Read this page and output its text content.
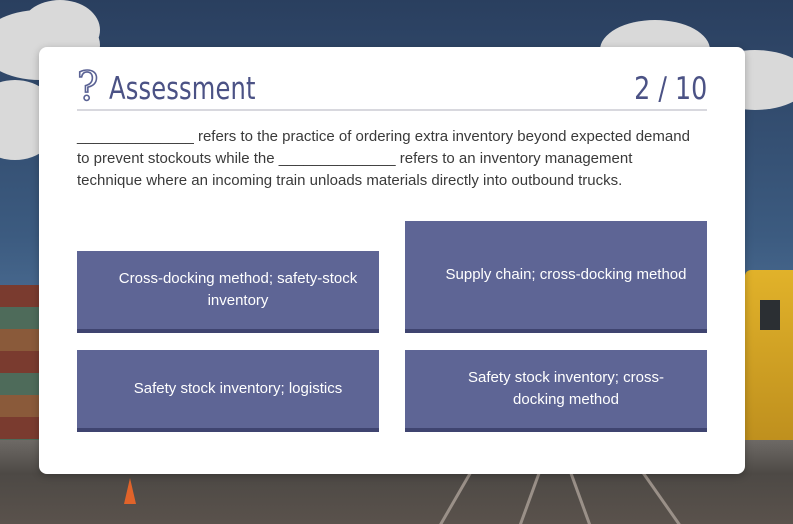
? Assessment	2 / 10
______________ refers to the practice of ordering extra inventory beyond expected demand to prevent stockouts while the ______________ refers to an inventory management technique where an incoming train unloads materials directly into outbound trucks.
Cross-docking method; safety-stock inventory
Supply chain; cross-docking method
Safety stock inventory; logistics
Safety stock inventory; cross-docking method
